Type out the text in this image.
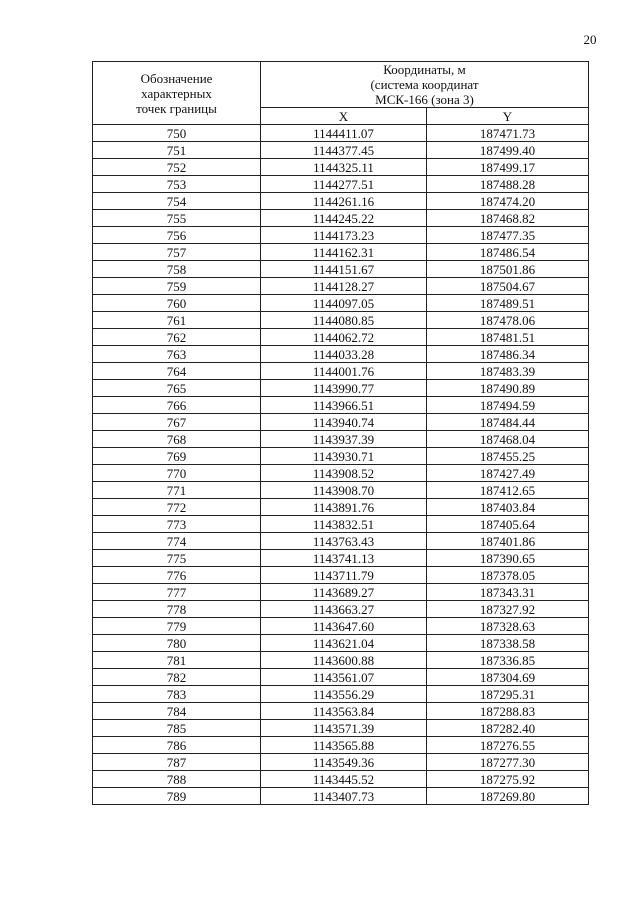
20
Обозначение
характерных
точек границы	Координаты, м
(система координат
МСК-166 (зона 3)	

	X	Y
750	1144411.07	187471.73
751	1144377.45	187499.40
752	1144325.11	187499.17
753	1144277.51	187488.28
754	1144261.16	187474.20
755	1144245.22	187468.82
756	1144173.23	187477.35
757	1144162.31	187486.54
758	1144151.67	187501.86
759	1144128.27	187504.67
760	1144097.05	187489.51
761	1144080.85	187478.06
762	1144062.72	187481.51
763	1144033.28	187486.34
764	1144001.76	187483.39
765	1143990.77	187490.89
766	1143966.51	187494.59
767	1143940.74	187484.44
768	1143937.39	187468.04
769	1143930.71	187455.25
770	1143908.52	187427.49
771	1143908.70	187412.65
772	1143891.76	187403.84
773	1143832.51	187405.64
774	1143763.43	187401.86
775	1143741.13	187390.65
776	1143711.79	187378.05
777	1143689.27	187343.31
778	1143663.27	187327.92
779	1143647.60	187328.63
780	1143621.04	187338.58
781	1143600.88	187336.85
782	1143561.07	187304.69
783	1143556.29	187295.31
784	1143563.84	187288.83
785	1143571.39	187282.40
786	1143565.88	187276.55
787	1143549.36	187277.30
788	1143445.52	187275.92
789	1143407.73	187269.80
